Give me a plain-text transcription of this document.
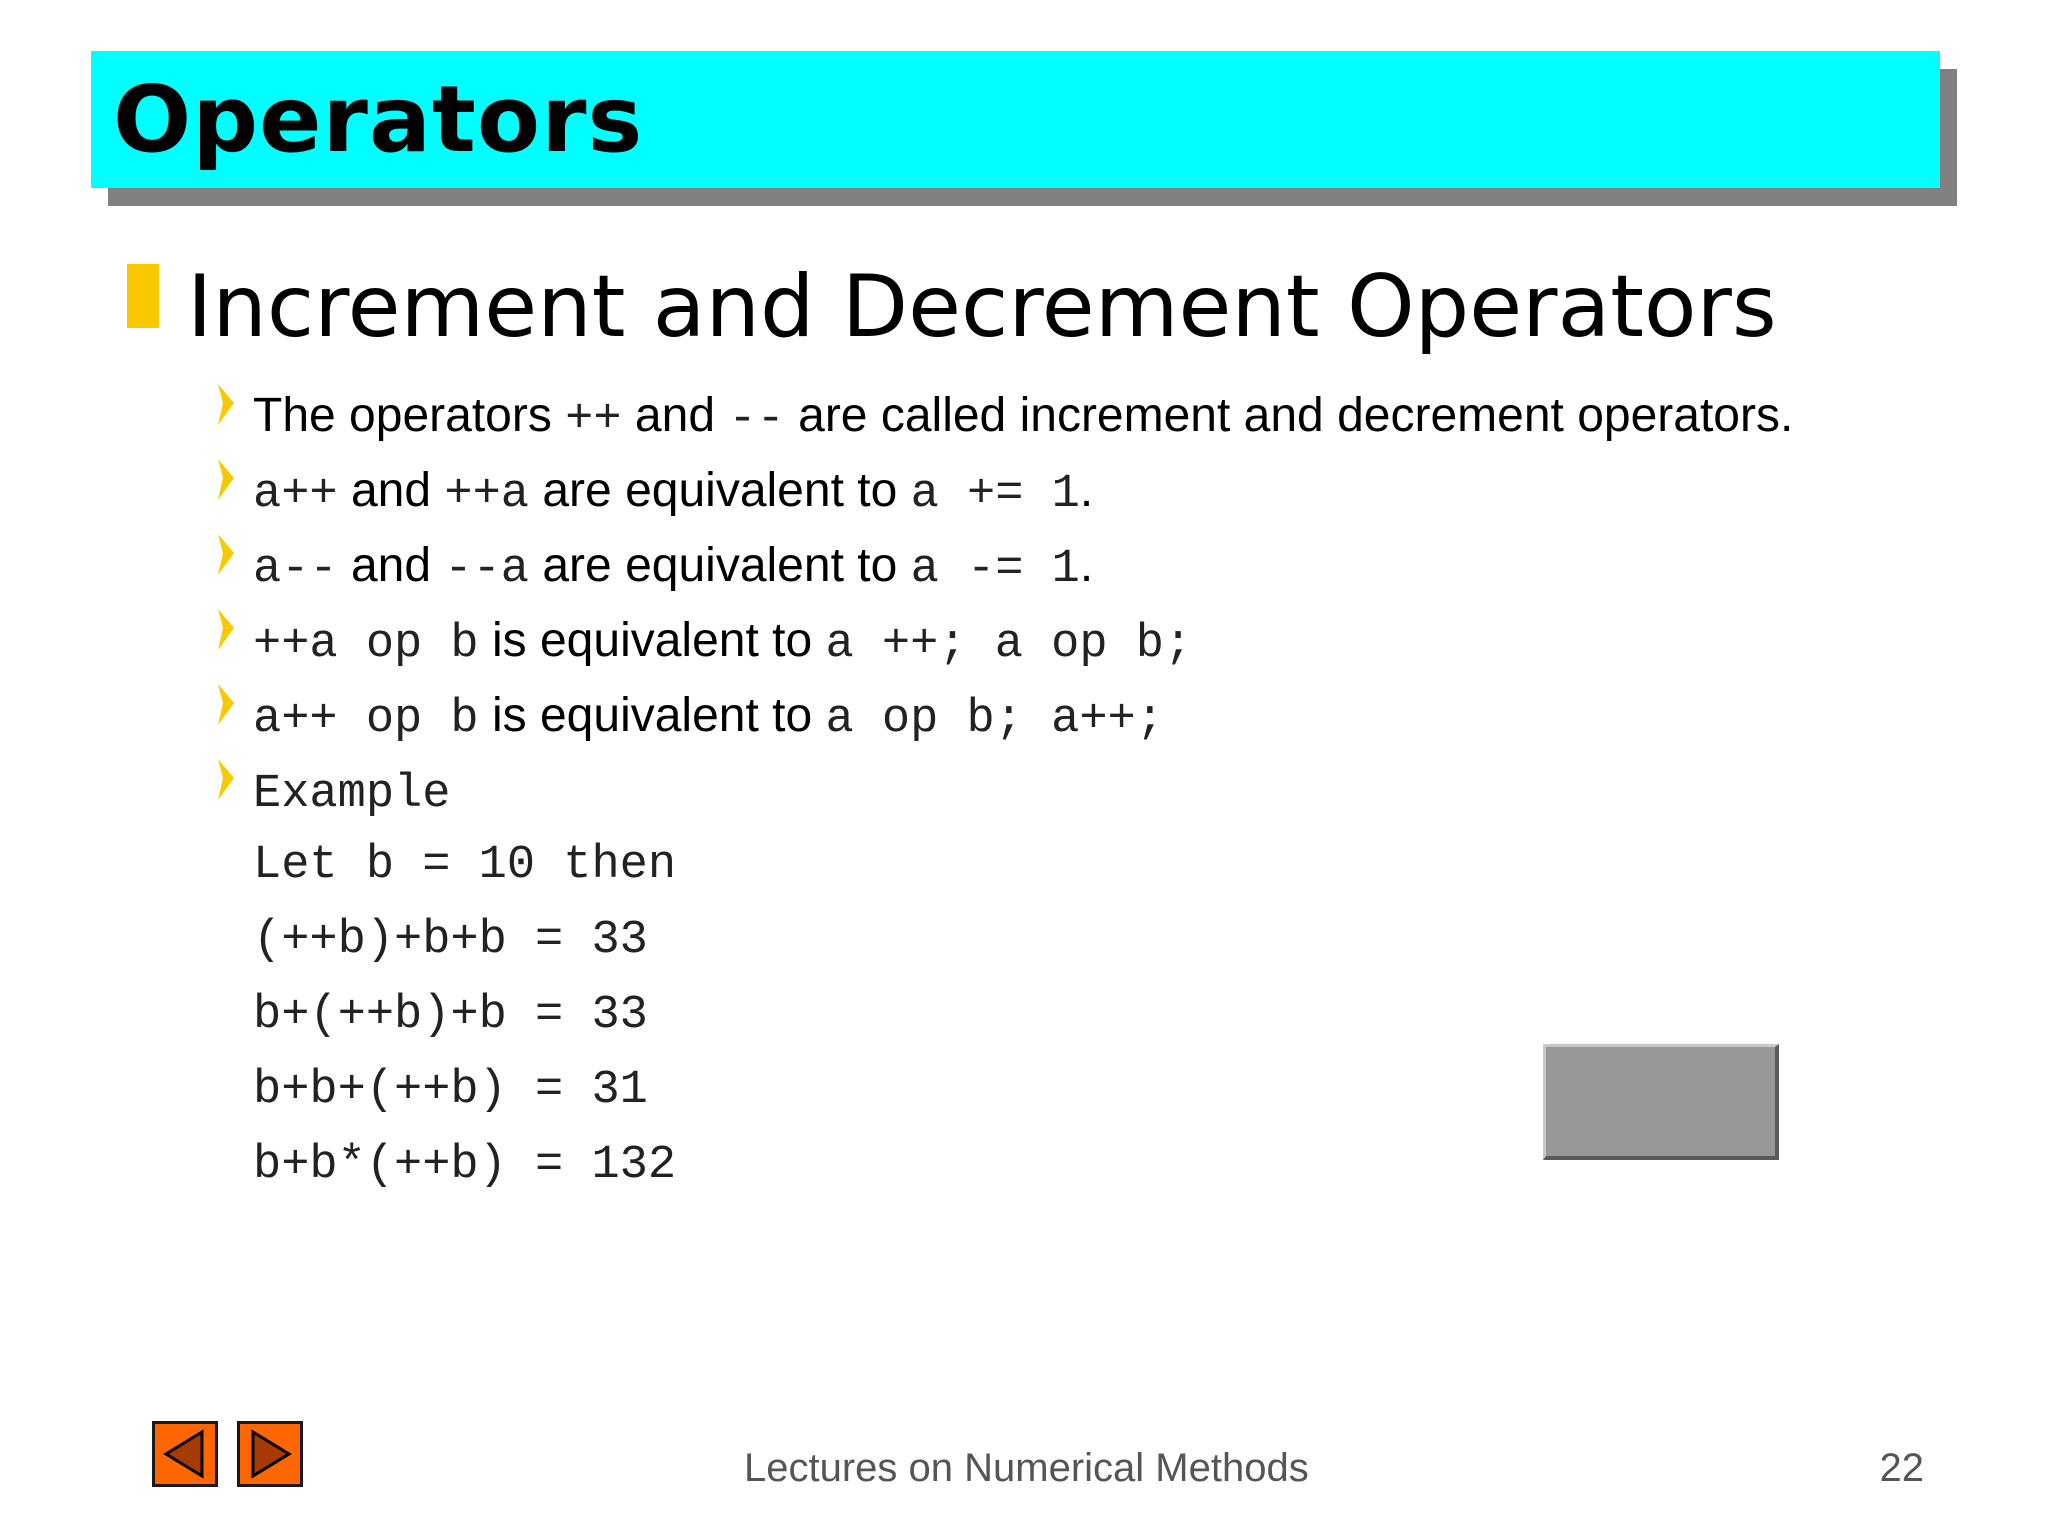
Operators
Increment and Decrement Operators
The operators ++ and -- are called increment and decrement operators.
a++ and ++a are equivalent to a += 1.
a-- and --a are equivalent to a -= 1.
++a op b is equivalent to a ++; a op b;
a++ op b is equivalent to a op b; a++;
Example
Let b = 10 then
(++b)+b+b = 33
b+(++b)+b = 33
b+b+(++b) = 31
b+b*(++b) = 132
Lectures on Numerical Methods	22
